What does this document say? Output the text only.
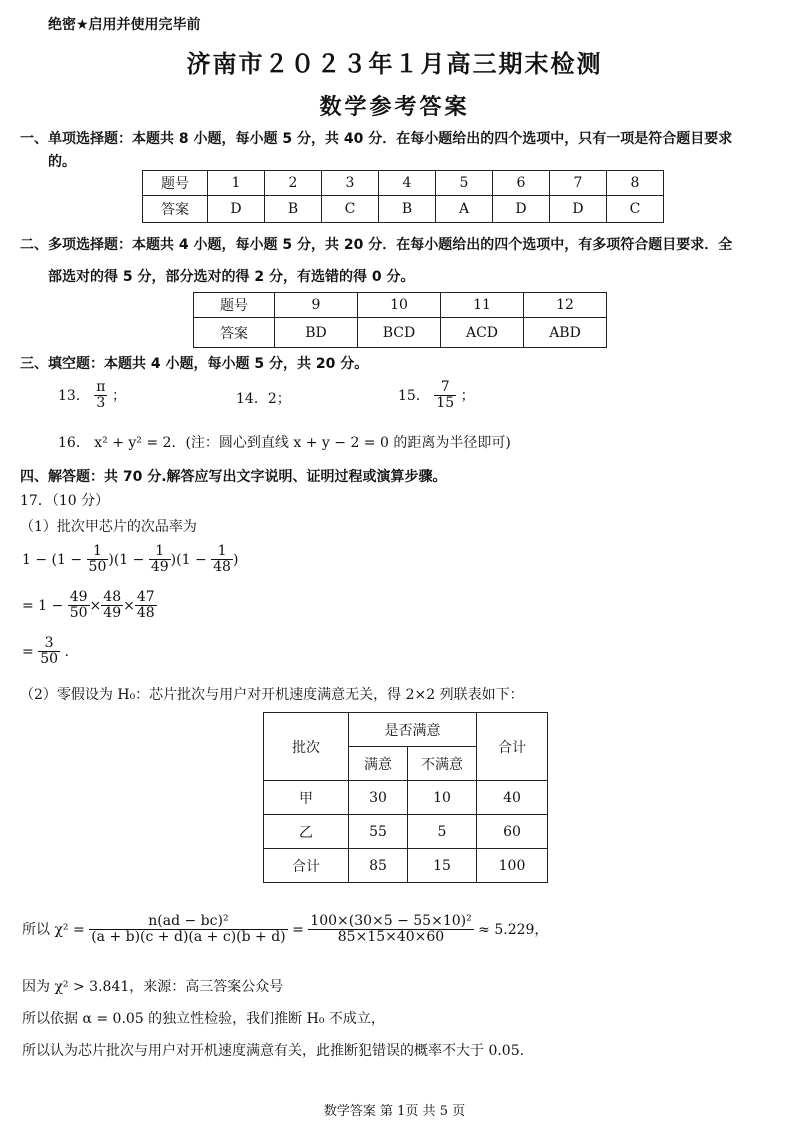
绝密★启用并使用完毕前
济南市２０２３年１月高三期末检测
数学参考答案
一、单项选择题：本题共 8 小题，每小题 5 分，共 40 分．在每小题给出的四个选项中，只有一项是符合题目要求
的。
题号	1	2	3	4	5	6	7	8
答案	D	B	C	B	A	D	D	C
二、多项选择题：本题共 4 小题，每小题 5 分，共 20 分．在每小题给出的四个选项中，有多项符合题目要求．全
部选对的得 5 分，部分选对的得 2 分，有选错的得 0 分。
题号	9	10	11	12
答案	BD	BCD	ACD	ABD
三、填空题：本题共 4 小题，每小题 5 分，共 20 分。
13． $\frac{\pi}{3}$ ；	14．2；	15． $\frac{7}{15}$ ；
16． x² + y² = 2．(注：圆心到直线 x + y − 2 = 0 的距离为半径即可)
四、解答题：共 70 分.解答应写出文字说明、证明过程或演算步骤。
17．（10 分）
（1）批次甲芯片的次品率为
$1 - (1 - \frac{1}{50} )(1 - \frac{1}{49} )(1 - \frac{1}{48}$ )
= $1 - \frac{49}{50} \times \frac{48}{49} \times \frac{47}{48}$
= $\frac{3}{50}$ .
（2）零假设为 H₀：芯片批次与用户对开机速度满意无关，得 2×2 列联表如下：
批次	是否满意		合计
	满意	不满意	
甲	30	10	40
乙	55	5	60
合计	85	15	100
所以 $\chi^2 = \frac{\text{n(ad − bc)²}}{(a + b)(c + d)(a + c)(b + d)} = \frac{\text{100×(30×5 − 55×10)²}}{85\times 15\times 40\times 60} \approx 5.229$，
因为 χ² > 3.841，来源：高三答案公众号
所以依据 α = 0.05 的独立性检验，我们推断 H₀ 不成立，
所以认为芯片批次与用户对开机速度满意有关，此推断犯错误的概率不大于 0.05.
数学答案 第 1页 共 5 页
